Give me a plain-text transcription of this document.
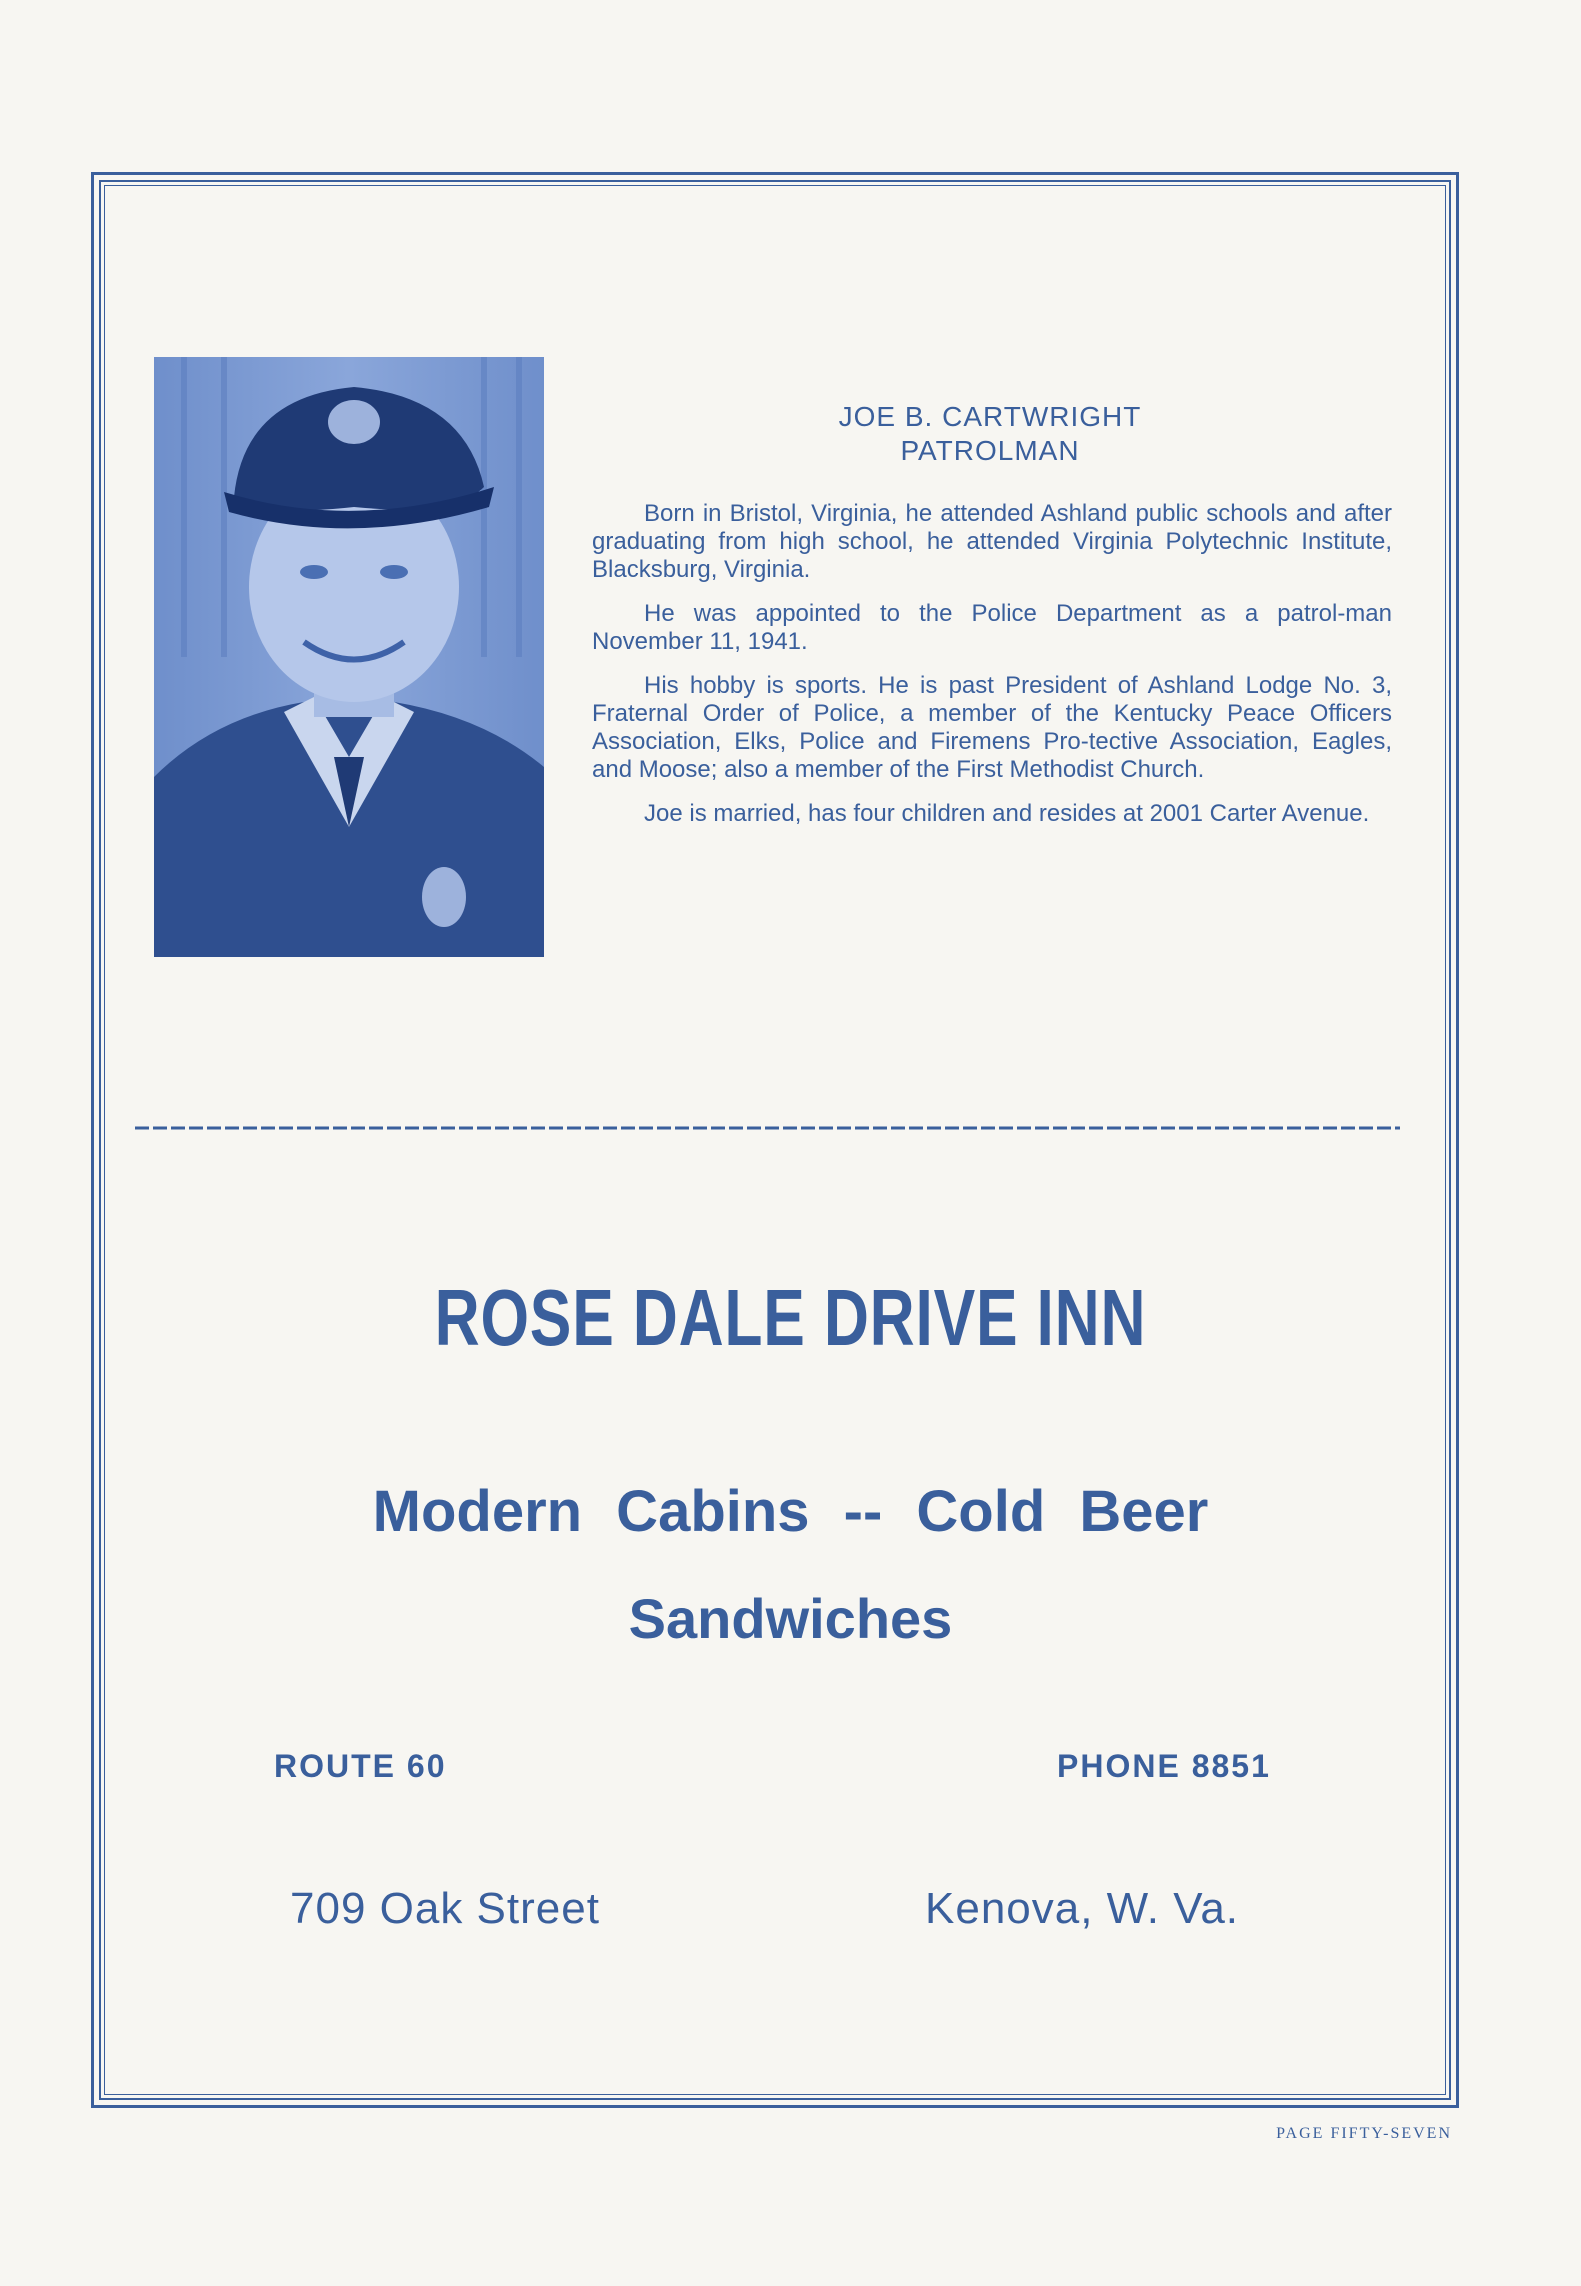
JOE B. CARTWRIGHT
PATROLMAN

Born in Bristol, Virginia, he attended Ashland public schools and after graduating from high school, he attended Virginia Polytechnic Institute, Blacksburg, Virginia.

He was appointed to the Police Department as a patrol-man November 11, 1941.

His hobby is sports. He is past President of Ashland Lodge No. 3, Fraternal Order of Police, a member of the Kentucky Peace Officers Association, Elks, Police and Firemens Pro-tective Association, Eagles, and Moose; also a member of the First Methodist Church.

Joe is married, has four children and resides at 2001 Carter Avenue.

ROSE DALE DRIVE INN
Modern Cabins -- Cold Beer
Sandwiches
ROUTE 60	PHONE 8851
709 Oak Street	Kenova, W. Va.
PAGE FIFTY-SEVEN
